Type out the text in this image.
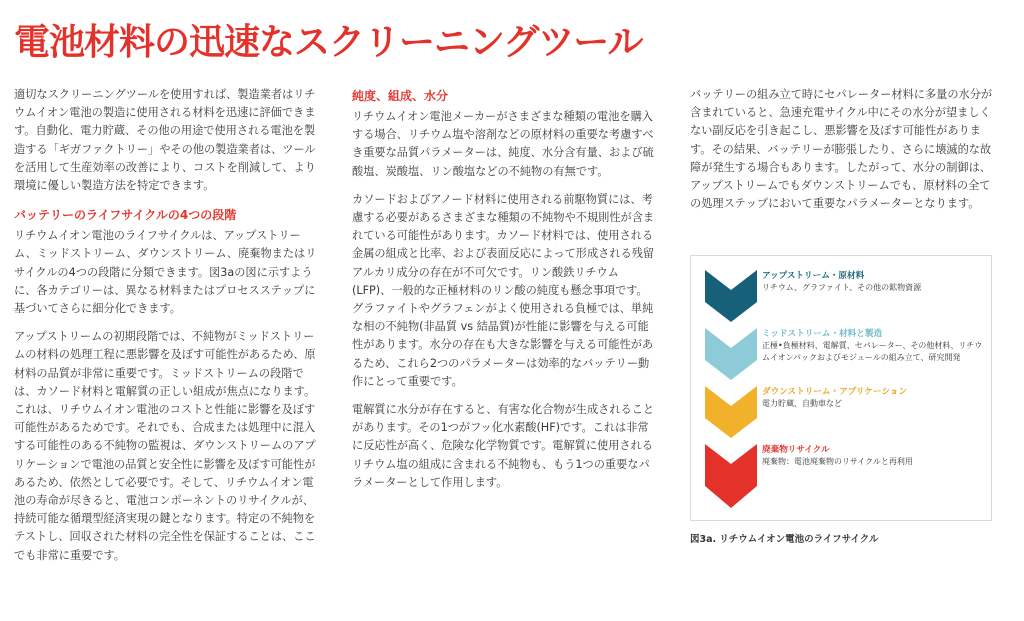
電池材料の迅速なスクリーニングツール

適切なスクリーニングツールを使用すれば、製造業者はリチウムイオン電池の製造に使用される材料を迅速に評価できます。自動化、電力貯蔵、その他の用途で使用される電池を製造する「ギガファクトリー」やその他の製造業者は、ツールを活用して生産効率の改善により、コストを削減して、より環境に優しい製造方法を特定できます。

バッテリーのライフサイクルの4つの段階

リチウムイオン電池のライフサイクルは、アップストリーム、ミッドストリーム、ダウンストリーム、廃棄物またはリサイクルの4つの段階に分類できます。図3aの図に示すように、各カテゴリーは、異なる材料またはプロセスステップに基づいてさらに細分化できます。

アップストリームの初期段階では、不純物がミッドストリームの材料の処理工程に悪影響を及ぼす可能性があるため、原材料の品質が非常に重要です。ミッドストリームの段階では、カソード材料と電解質の正しい組成が焦点になります。これは、リチウムイオン電池のコストと性能に影響を及ぼす可能性があるためです。それでも、合成または処理中に混入する可能性のある不純物の監視は、ダウンストリームのアプリケーションで電池の品質と安全性に影響を及ぼす可能性があるため、依然として必要です。そして、リチウムイオン電池の寿命が尽きると、電池コンポーネントのリサイクルが、持続可能な循環型経済実現の鍵となります。特定の不純物をテストし、回収された材料の完全性を保証することは、ここでも非常に重要です。

純度、組成、水分

リチウムイオン電池メーカーがさまざまな種類の電池を購入する場合、リチウム塩や溶剤などの原材料の重要な考慮すべき重要な品質パラメーターは、純度、水分含有量、および硫酸塩、炭酸塩、リン酸塩などの不純物の有無です。

カソードおよびアノード材料に使用される前駆物質には、考慮する必要があるさまざまな種類の不純物や不規則性が含まれている可能性があります。カソード材料では、使用される金属の組成と比率、および表面反応によって形成される残留アルカリ成分の存在が不可欠です。リン酸鉄リチウム(LFP)、一般的な正極材料のリン酸の純度も懸念事項です。グラファイトやグラフェンがよく使用される負極では、単純な相の不純物(非晶質 vs 結晶質)が性能に影響を与える可能性があります。水分の存在も大きな影響を与える可能性があるため、これら2つのパラメーターは効率的なバッテリー動作にとって重要です。

電解質に水分が存在すると、有害な化合物が生成されることがあります。その1つがフッ化水素酸(HF)です。これは非常に反応性が高く、危険な化学物質です。電解質に使用されるリチウム塩の組成に含まれる不純物も、もう1つの重要なパラメーターとして作用します。

バッテリーの組み立て時にセパレーター材料に多量の水分が含まれていると、急速充電サイクル中にその水分が望ましくない副反応を引き起こし、悪影響を及ぼす可能性があります。その結果、バッテリーが膨張したり、さらに壊滅的な故障が発生する場合もあります。したがって、水分の制御は、アップストリームでもダウンストリームでも、原材料の全ての処理ステップにおいて重要なパラメーターとなります。

アップストリーム・原材料
リチウム、グラファイト、その他の鉱物資源
ミッドストリーム・材料と製造
正極•負極材料、電解質、セパレーター、その他材料、リチウムイオンパックおよびモジュールの組み立て、研究開発
ダウンストリーム・アプリケーション
電力貯蔵、自動車など
廃棄物リサイクル
廃棄物：電池廃棄物のリサイクルと再利用
図3a. リチウムイオン電池のライフサイクル
